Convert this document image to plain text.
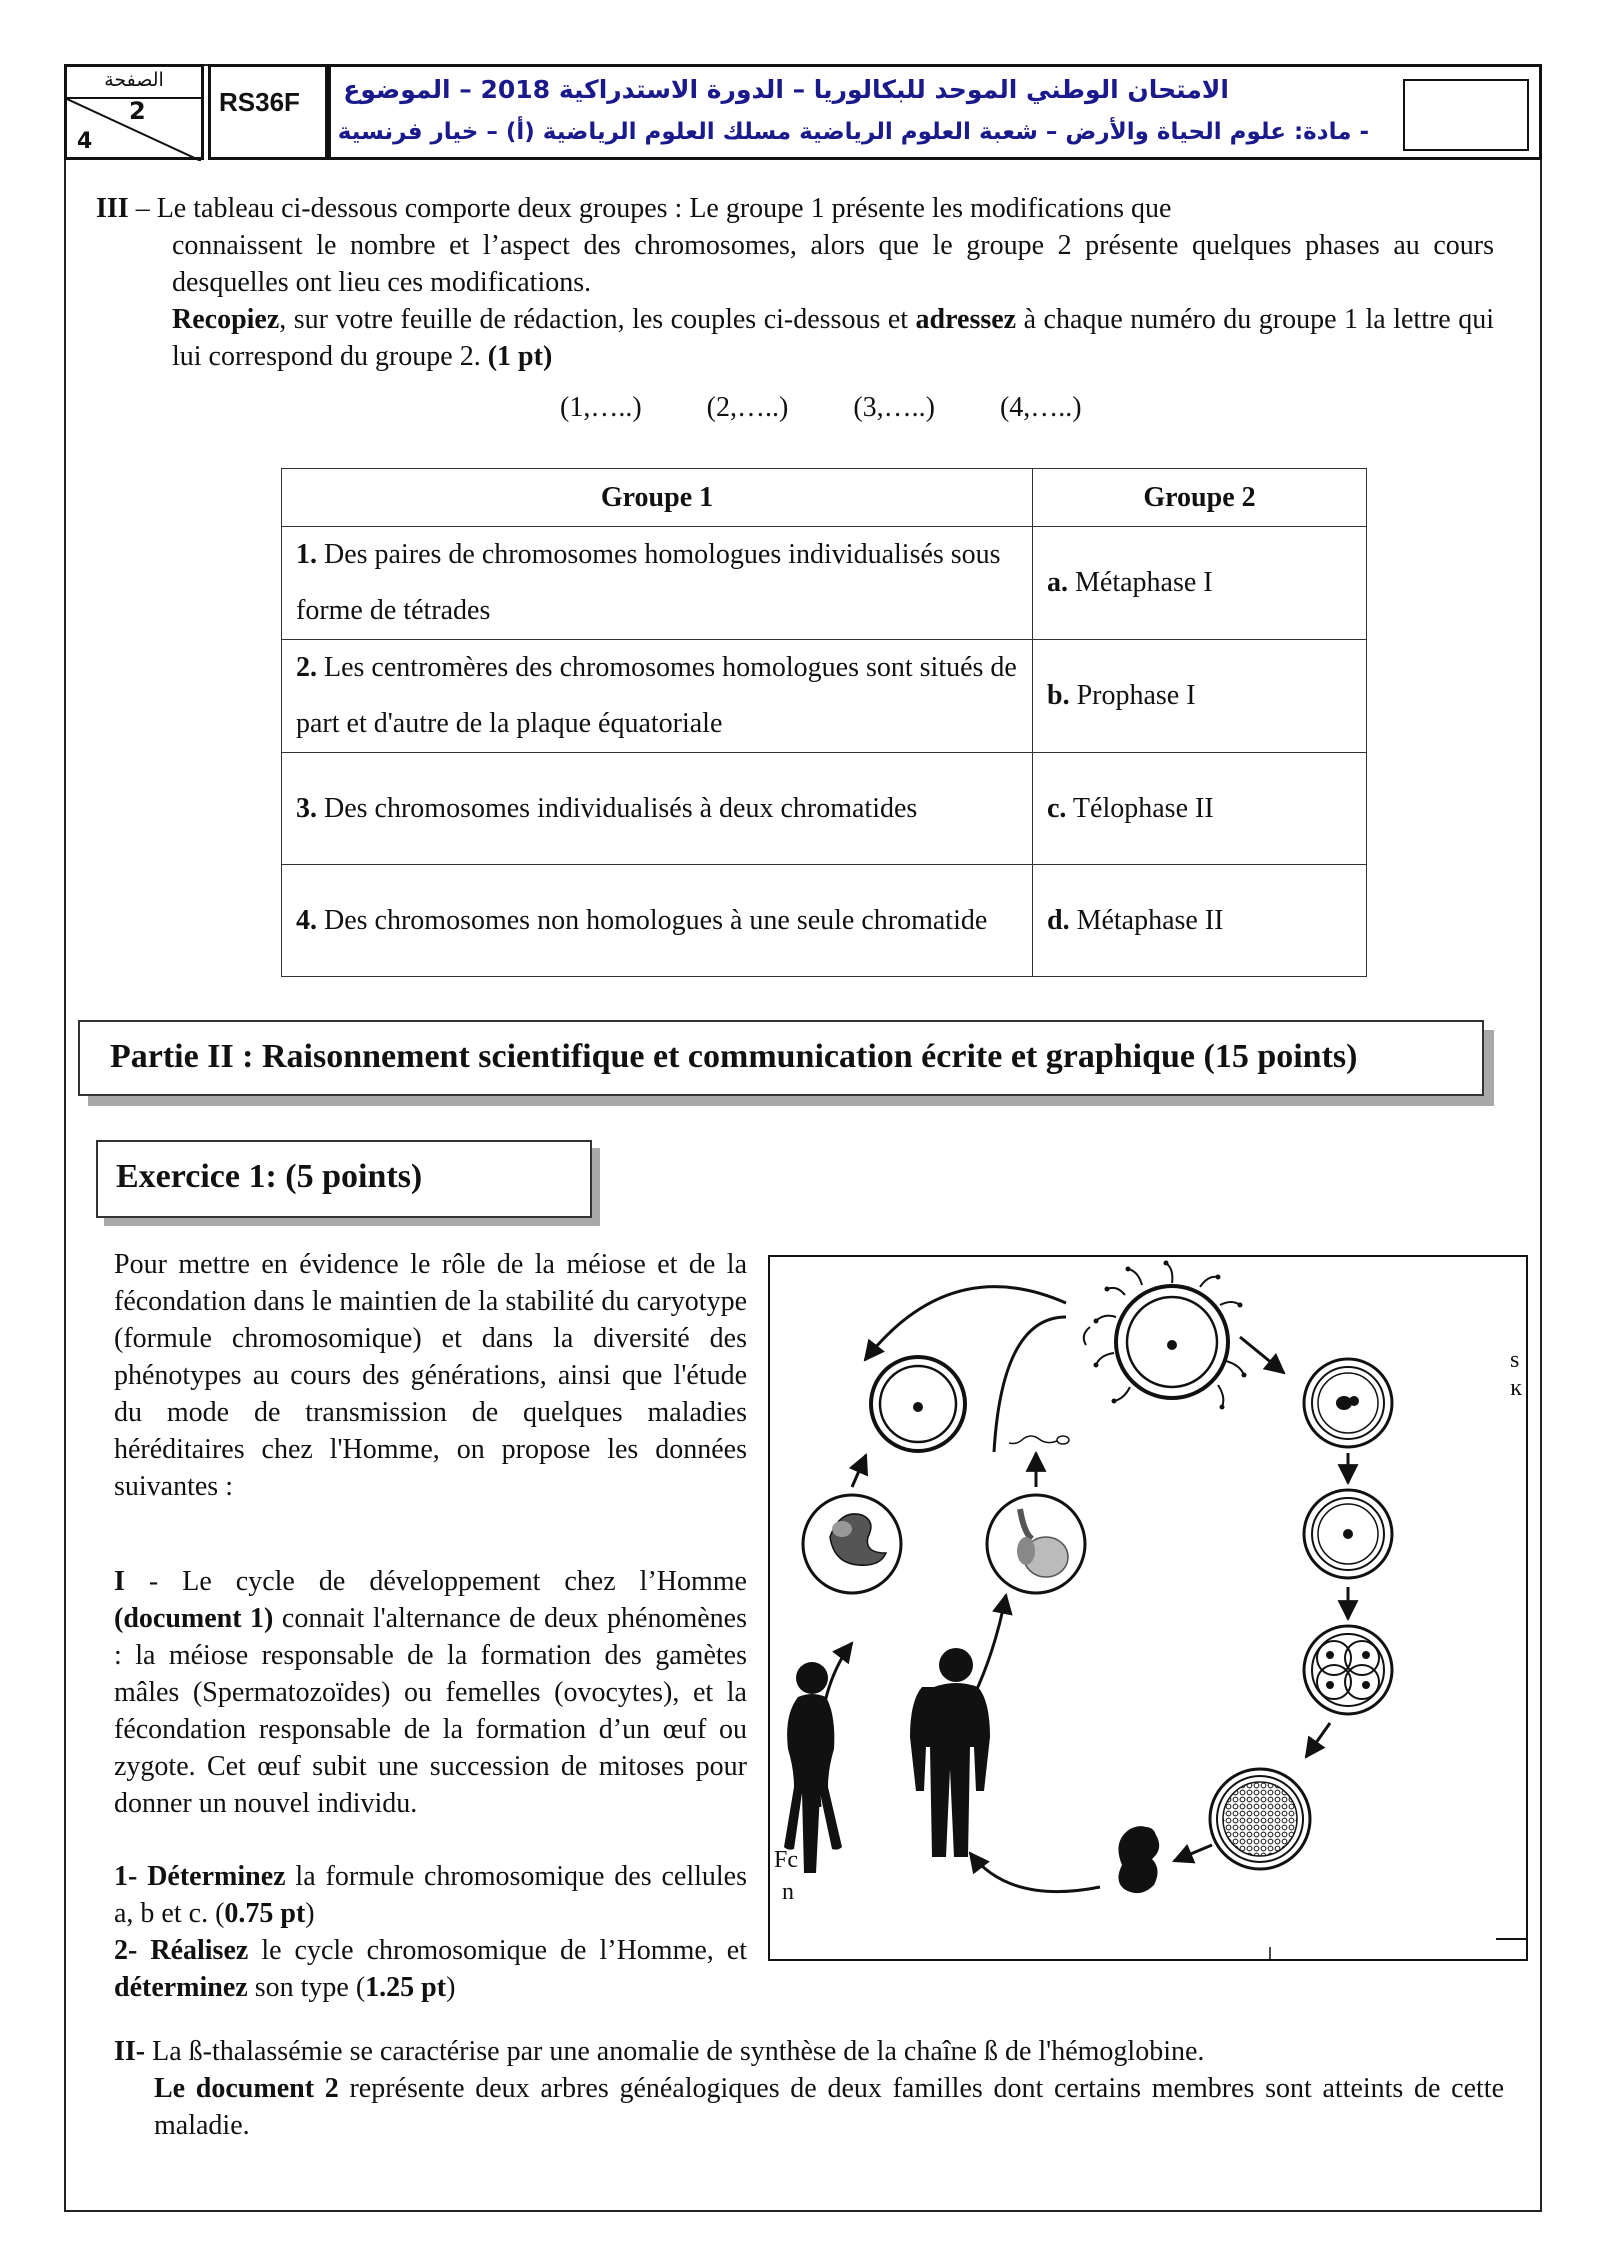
الصفحة
2
4
RS36F الامتحان الوطني الموحد للبكالوريا – الدورة الاستدراكية 2018 – الموضوع
- مادة: علوم الحياة والأرض – شعبة العلوم الرياضية مسلك العلوم الرياضية (أ) – خيار فرنسية
III – Le tableau ci-dessous comporte deux groupes : Le groupe 1 présente les modifications que
connaissent le nombre et l’aspect des chromosomes, alors que le groupe 2 présente quelques phases au cours desquelles ont lieu ces modifications.
Recopiez, sur votre feuille de rédaction, les couples ci-dessous et adressez à chaque numéro du groupe 1 la lettre qui lui correspond du groupe 2. (1 pt)
(1,…..) (2,…..) (3,…..) (4,…..)
Groupe 1	Groupe 2
1. Des paires de chromosomes homologues individualisés sous forme de tétrades	a. Métaphase I
2. Les centromères des chromosomes homologues sont situés de part et d'autre de la plaque équatoriale	b. Prophase I
3. Des chromosomes individualisés à deux chromatides	c. Télophase II
4. Des chromosomes non homologues à une seule chromatide	d. Métaphase II
Partie II : Raisonnement scientifique et communication écrite et graphique (15 points)
Exercice 1: (5 points)
Pour mettre en évidence le rôle de la méiose et de la fécondation dans le maintien de la stabilité du caryotype (formule chromosomique) et dans la diversité des phénotypes au cours des générations, ainsi que l'étude du mode de transmission de quelques maladies héréditaires chez l'Homme, on propose les données suivantes :
I - Le cycle de développement chez l’Homme (document 1) connait l'alternance de deux phénomènes : la méiose responsable de la formation des gamètes mâles (Spermatozoïdes) ou femelles (ovocytes), et la fécondation responsable de la formation d’un œuf ou zygote. Cet œuf subit une succession de mitoses pour donner un nouvel individu.
1- Déterminez la formule chromosomique des cellules a, b et c. (0.75 pt)
2- Réalisez le cycle chromosomique de l’Homme, et déterminez son type (1.25 pt)
II- La ß-thalassémie se caractérise par une anomalie de synthèse de la chaîne ß de l'hémoglobine.
Le document 2 représente deux arbres généalogiques de deux familles dont certains membres sont atteints de cette maladie.
s
ĸ
Fc
n
